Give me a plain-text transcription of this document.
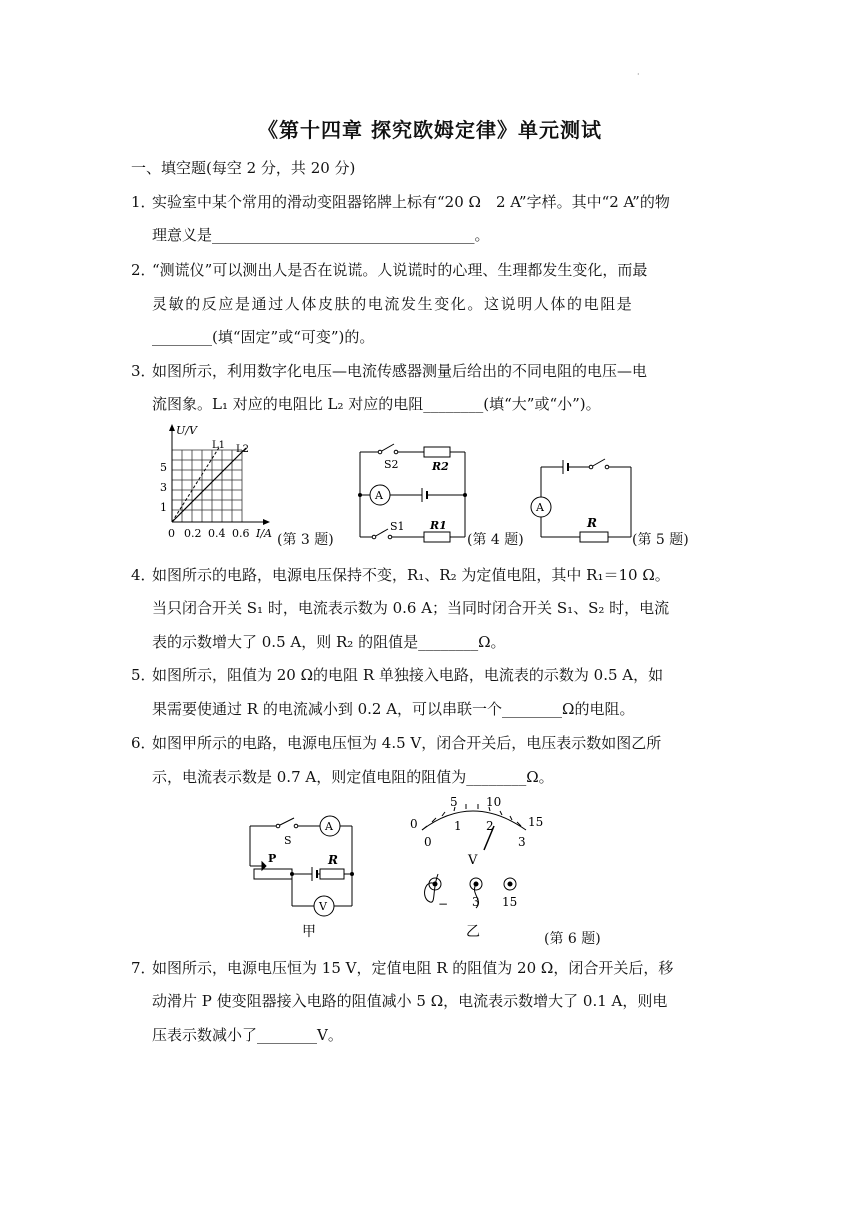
·
《第十四章 探究欧姆定律》单元测试
一、填空题(每空 2 分，共 20 分)
1．
实验室中某个常用的滑动变阻器铭牌上标有“20 Ω　2 A”字样。其中“2 A”的物
理意义是___________________________________。
2．
“测谎仪”可以测出人是否在说谎。人说谎时的心理、生理都发生变化，而最
灵敏的反应是通过人体皮肤的电流发生变化。这说明人体的电阻是
________(填“固定”或“可变”)的。
3．
如图所示，利用数字化电压—电流传感器测量后给出的不同电阻的电压—电
流图象。L₁ 对应的电阻比 L₂ 对应的电阻________(填“大”或“小”)。
U/V
5
3
1
0 0.2 0.4 0.6 I/A
L1 L2
(第 3 题)
A
S2	R2
S1 R1
(第 4 题)
A
R
(第 5 题)
4．
如图所示的电路，电源电压保持不变，R₁、R₂ 为定值电阻，其中 R₁＝10 Ω。
当只闭合开关 S₁ 时，电流表示数为 0.6 A；当同时闭合开关 S₁、S₂ 时，电流
表的示数增大了 0.5 A，则 R₂ 的阻值是________Ω。
5．
如图所示，阻值为 20 Ω的电阻 R 单独接入电路，电流表的示数为 0.5 A，如
果需要使通过 R 的电流减小到 0.2 A，可以串联一个________Ω的电阻。
6．
如图甲所示的电路，电源电压恒为 4.5 V，闭合开关后，电压表示数如图乙所
示，电流表示数是 0.7 A，则定值电阻的阻值为________Ω。
S
A
P	R
V
甲
0
5 10
15
0
1 2
3
V
− 3 15
乙	(第 6 题)
7．
如图所示，电源电压恒为 15 V，定值电阻 R 的阻值为 20 Ω，闭合开关后，移
动滑片 P 使变阻器接入电路的阻值减小 5 Ω，电流表示数增大了 0.1 A，则电
压表示数减小了________V。
